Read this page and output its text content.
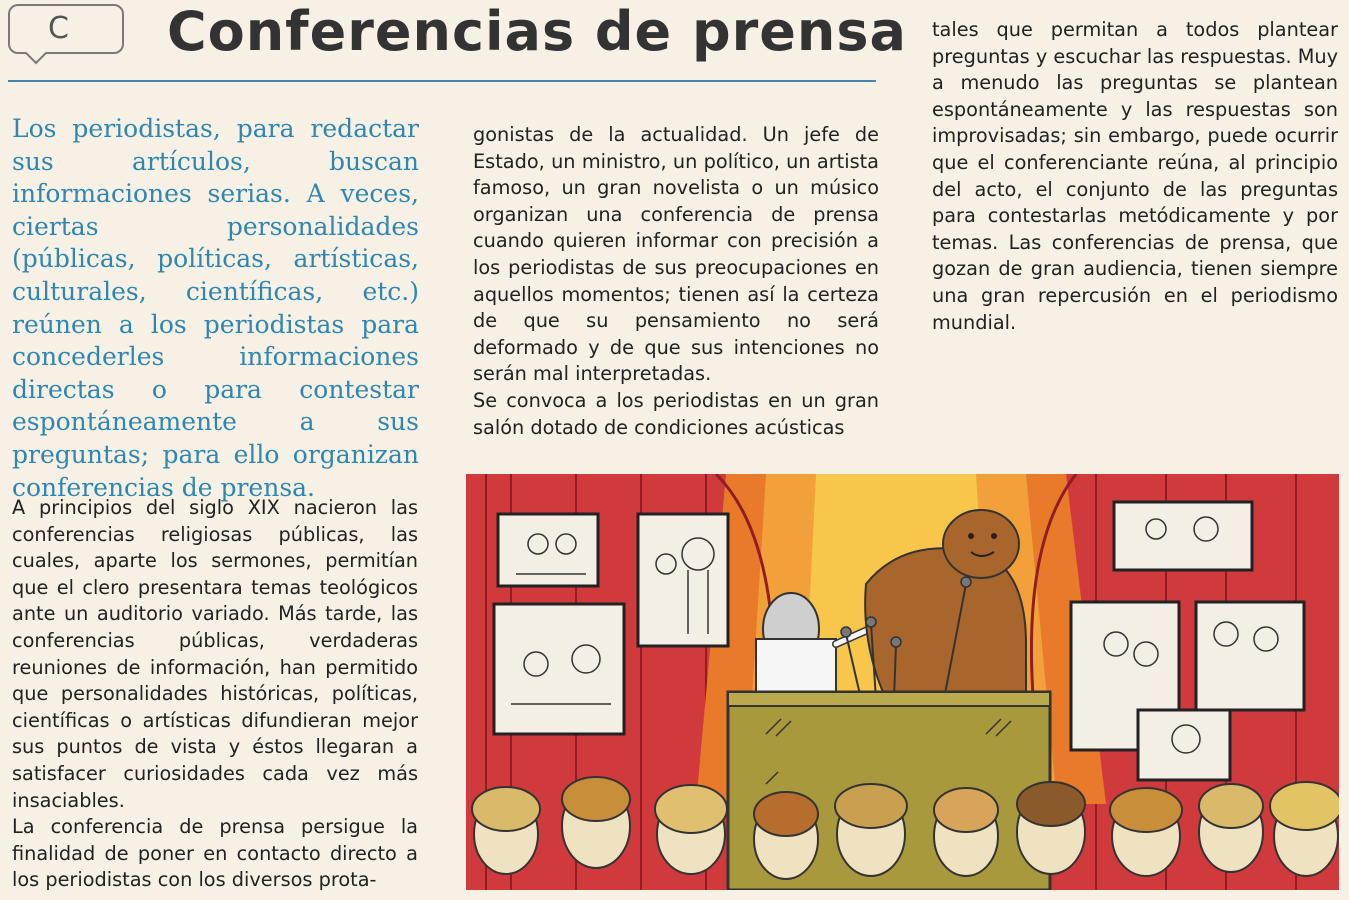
C	Conferencias de prensa
Los periodistas, para redactar sus artículos, buscan informaciones serias. A veces, ciertas personalidades (públicas, políticas, artísticas, culturales, científicas, etc.) reúnen a los periodistas para concederles informaciones directas o para contestar espontáneamente a sus preguntas; para ello organizan conferencias de prensa.

A principios del siglo XIX nacieron las conferencias religiosas públicas, las cuales, aparte los sermones, permitían que el clero presentara temas teológicos ante un auditorio variado. Más tarde, las conferencias públicas, verdaderas reuniones de información, han permitido que personalidades históricas, políticas, científicas o artísticas difundieran mejor sus puntos de vista y éstos llegaran a satisfacer curiosidades cada vez más insaciables.

La conferencia de prensa persigue la finalidad de poner en contacto directo a los periodistas con los diversos prota-

gonistas de la actualidad. Un jefe de Estado, un ministro, un político, un artista famoso, un gran novelista o un músico organizan una conferencia de prensa cuando quieren informar con precisión a los periodistas de sus preocupaciones en aquellos momentos; tienen así la certeza de que su pensamiento no será deformado y de que sus intenciones no serán mal interpretadas.

Se convoca a los periodistas en un gran salón dotado de condiciones acústicas

tales que permitan a todos plantear preguntas y escuchar las respuestas. Muy a menudo las preguntas se plantean espontáneamente y las respuestas son improvisadas; sin embargo, puede ocurrir que el conferenciante reúna, al principio del acto, el conjunto de las preguntas para contestarlas metódicamente y por temas. Las conferencias de prensa, que gozan de gran audiencia, tienen siempre una gran repercusión en el periodismo mundial.
